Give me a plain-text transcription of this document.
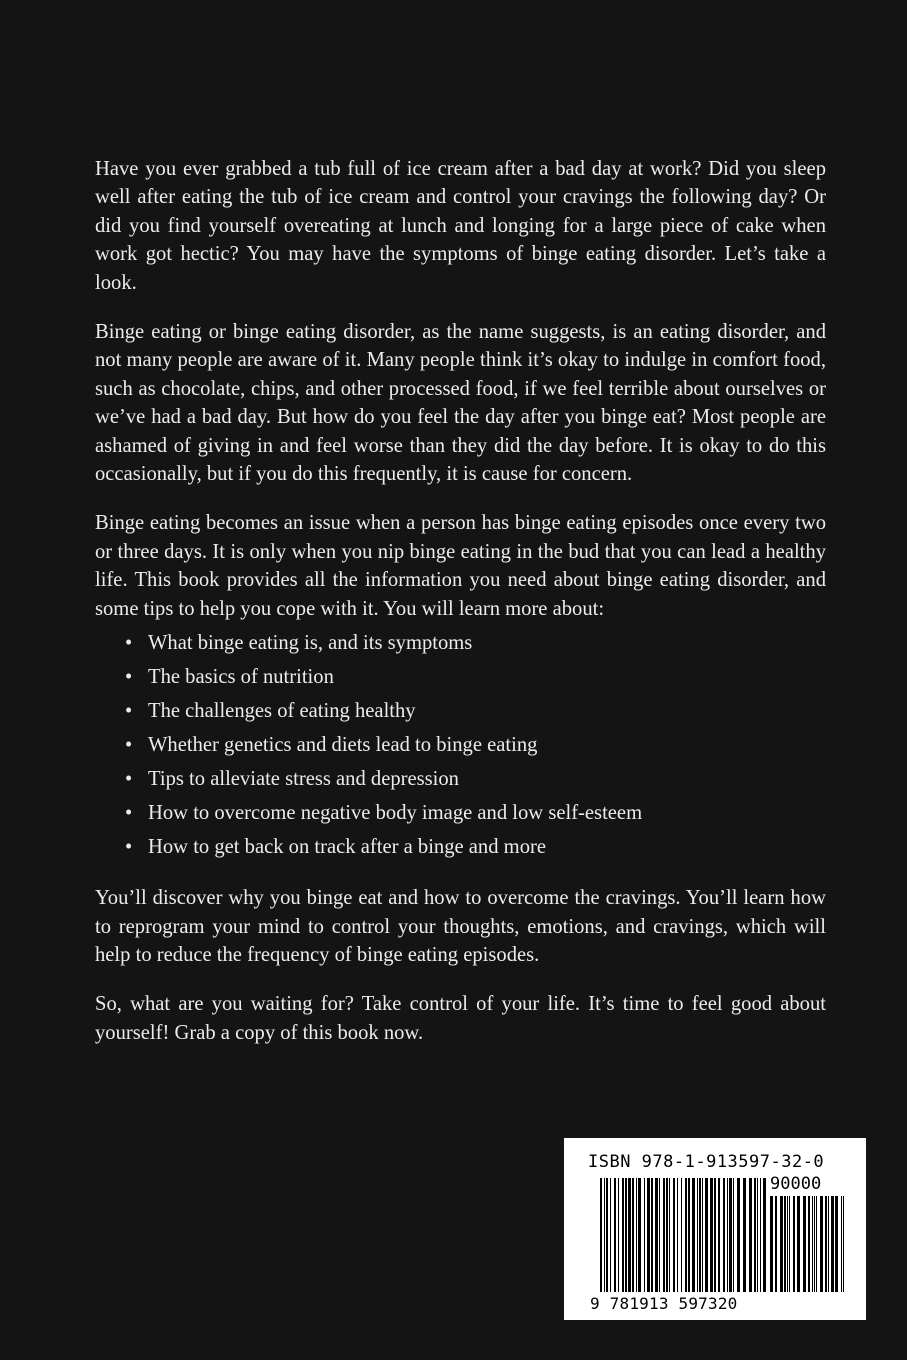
Have you ever grabbed a tub full of ice cream after a bad day at work? Did you sleep well after eating the tub of ice cream and control your cravings the following day? Or did you find yourself overeating at lunch and longing for a large piece of cake when work got hectic? You may have the symptoms of binge eating disorder. Let’s take a look.

Binge eating or binge eating disorder, as the name suggests, is an eating disorder, and not many people are aware of it. Many people think it’s okay to indulge in comfort food, such as chocolate, chips, and other processed food, if we feel terrible about ourselves or we’ve had a bad day. But how do you feel the day after you binge eat? Most people are ashamed of giving in and feel worse than they did the day before. It is okay to do this occasionally, but if you do this frequently, it is cause for concern.

Binge eating becomes an issue when a person has binge eating episodes once every two or three days. It is only when you nip binge eating in the bud that you can lead a healthy life. This book provides all the information you need about binge eating disorder, and some tips to help you cope with it. You will learn more about:

• What binge eating is, and its symptoms
• The basics of nutrition
• The challenges of eating healthy
• Whether genetics and diets lead to binge eating
• Tips to alleviate stress and depression
• How to overcome negative body image and low self-esteem
• How to get back on track after a binge and more

You’ll discover why you binge eat and how to overcome the cravings. You’ll learn how to reprogram your mind to control your thoughts, emotions, and cravings, which will help to reduce the frequency of binge eating episodes.

So, what are you waiting for? Take control of your life. It’s time to feel good about yourself! Grab a copy of this book now.

ISBN 978-1-913597-32-0
90000
9 781913 597320
